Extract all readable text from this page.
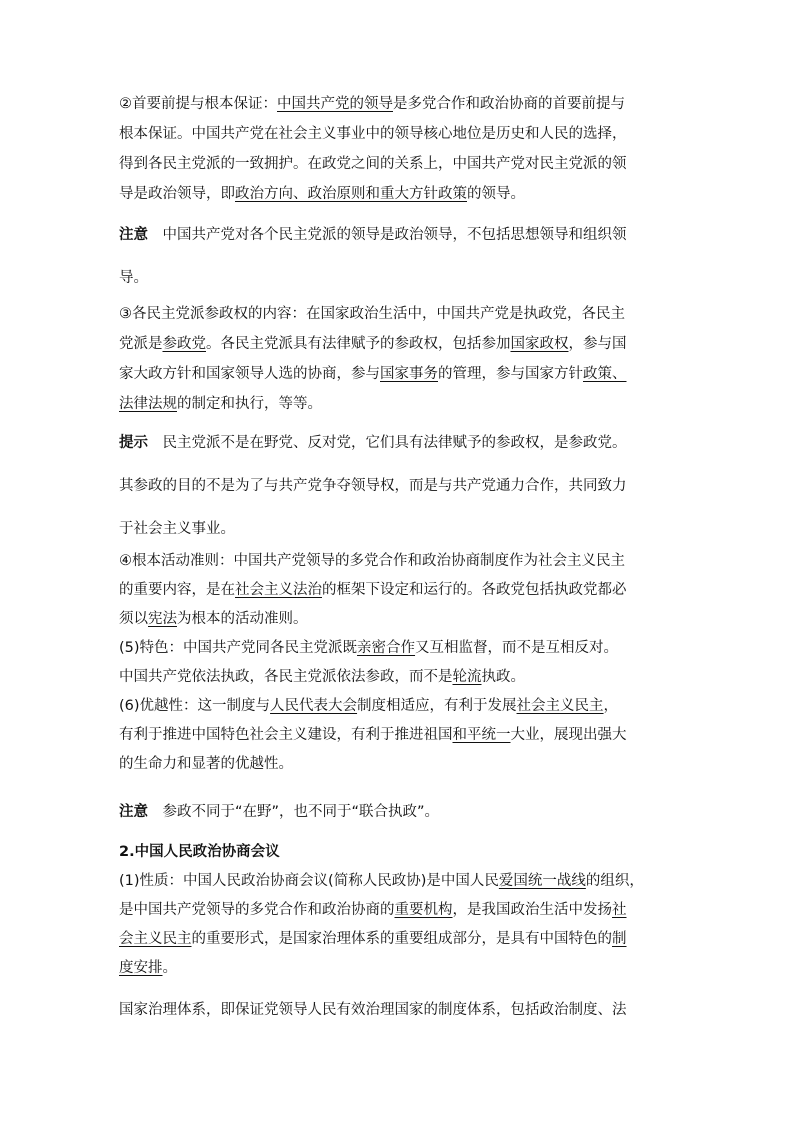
②首要前提与根本保证：中国共产党的领导是多党合作和政治协商的首要前提与
根本保证。中国共产党在社会主义事业中的领导核心地位是历史和人民的选择，
得到各民主党派的一致拥护。在政党之间的关系上，中国共产党对民主党派的领
导是政治领导，即政治方向、政治原则和重大方针政策的领导。
注意　中国共产党对各个民主党派的领导是政治领导，不包括思想领导和组织领
导。
③各民主党派参政权的内容：在国家政治生活中，中国共产党是执政党，各民主
党派是参政党。各民主党派具有法律赋予的参政权，包括参加国家政权，参与国
家大政方针和国家领导人选的协商，参与国家事务的管理，参与国家方针政策、
法律法规的制定和执行，等等。
提示　民主党派不是在野党、反对党，它们具有法律赋予的参政权，是参政党。
其参政的目的不是为了与共产党争夺领导权，而是与共产党通力合作，共同致力
于社会主义事业。
④根本活动准则：中国共产党领导的多党合作和政治协商制度作为社会主义民主
的重要内容，是在社会主义法治的框架下设定和运行的。各政党包括执政党都必
须以宪法为根本的活动准则。
(5)特色：中国共产党同各民主党派既亲密合作又互相监督，而不是互相反对。
中国共产党依法执政，各民主党派依法参政，而不是轮流执政。
(6)优越性：这一制度与人民代表大会制度相适应，有利于发展社会主义民主，
有利于推进中国特色社会主义建设，有利于推进祖国和平统一大业，展现出强大
的生命力和显著的优越性。
注意　参政不同于“在野”，也不同于“联合执政”。
2.中国人民政治协商会议
(1)性质：中国人民政治协商会议(简称人民政协)是中国人民爱国统一战线的组织，
是中国共产党领导的多党合作和政治协商的重要机构，是我国政治生活中发扬社
会主义民主的重要形式，是国家治理体系的重要组成部分，是具有中国特色的制
度安排。
国家治理体系，即保证党领导人民有效治理国家的制度体系，包括政治制度、法
